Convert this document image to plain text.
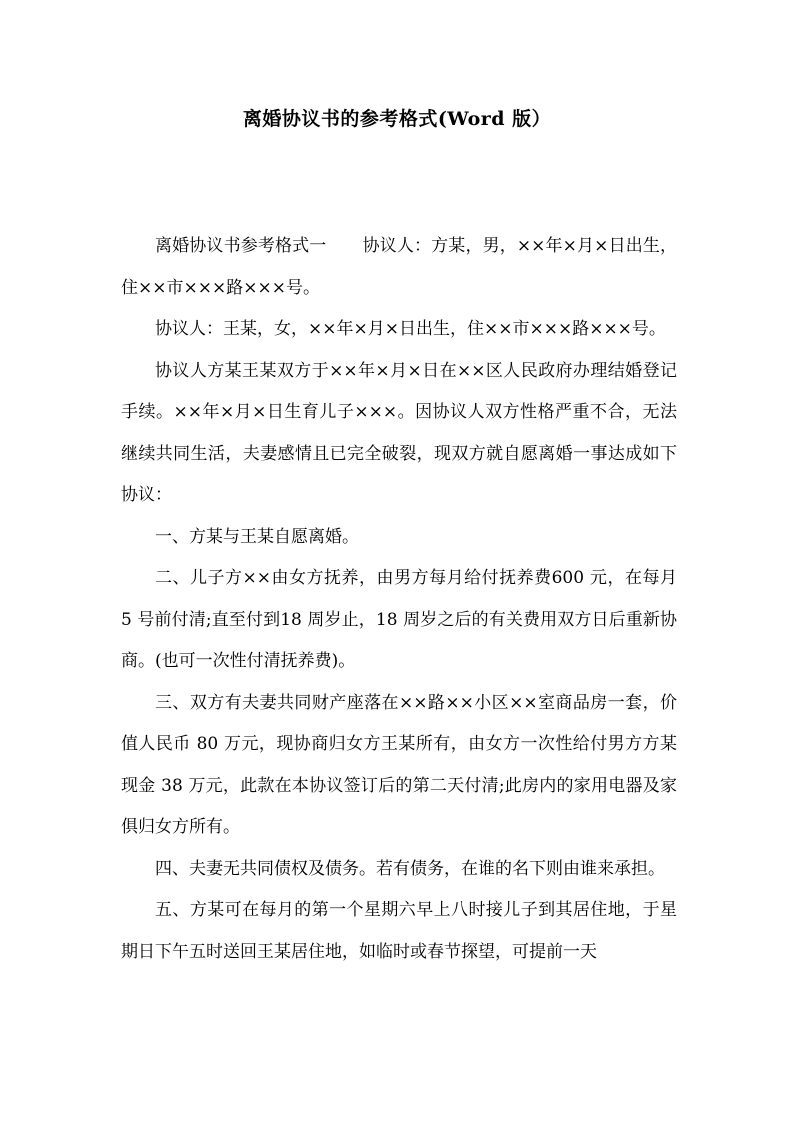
离婚协议书的参考格式(Word 版）

离婚协议书参考格式一 协议人：方某，男，××年×月×日出生，住××市×××路×××号。

协议人：王某，女，××年×月×日出生，住××市×××路×××号。

协议人方某王某双方于××年×月×日在××区人民政府办理结婚登记手续。××年×月×日生育儿子×××。因协议人双方性格严重不合，无法继续共同生活，夫妻感情且已完全破裂，现双方就自愿离婚一事达成如下协议：

一、方某与王某自愿离婚。

二、儿子方××由女方抚养，由男方每月给付抚养费600 元，在每月 5 号前付清;直至付到18 周岁止，18 周岁之后的有关费用双方日后重新协商。(也可一次性付清抚养费)。

三、双方有夫妻共同财产座落在××路××小区××室商品房一套，价值人民币 80 万元，现协商归女方王某所有，由女方一次性给付男方方某现金 38 万元，此款在本协议签订后的第二天付清;此房内的家用电器及家俱归女方所有。

四、夫妻无共同债权及债务。若有债务，在谁的名下则由谁来承担。

五、方某可在每月的第一个星期六早上八时接儿子到其居住地，于星期日下午五时送回王某居住地，如临时或春节探望，可提前一天
